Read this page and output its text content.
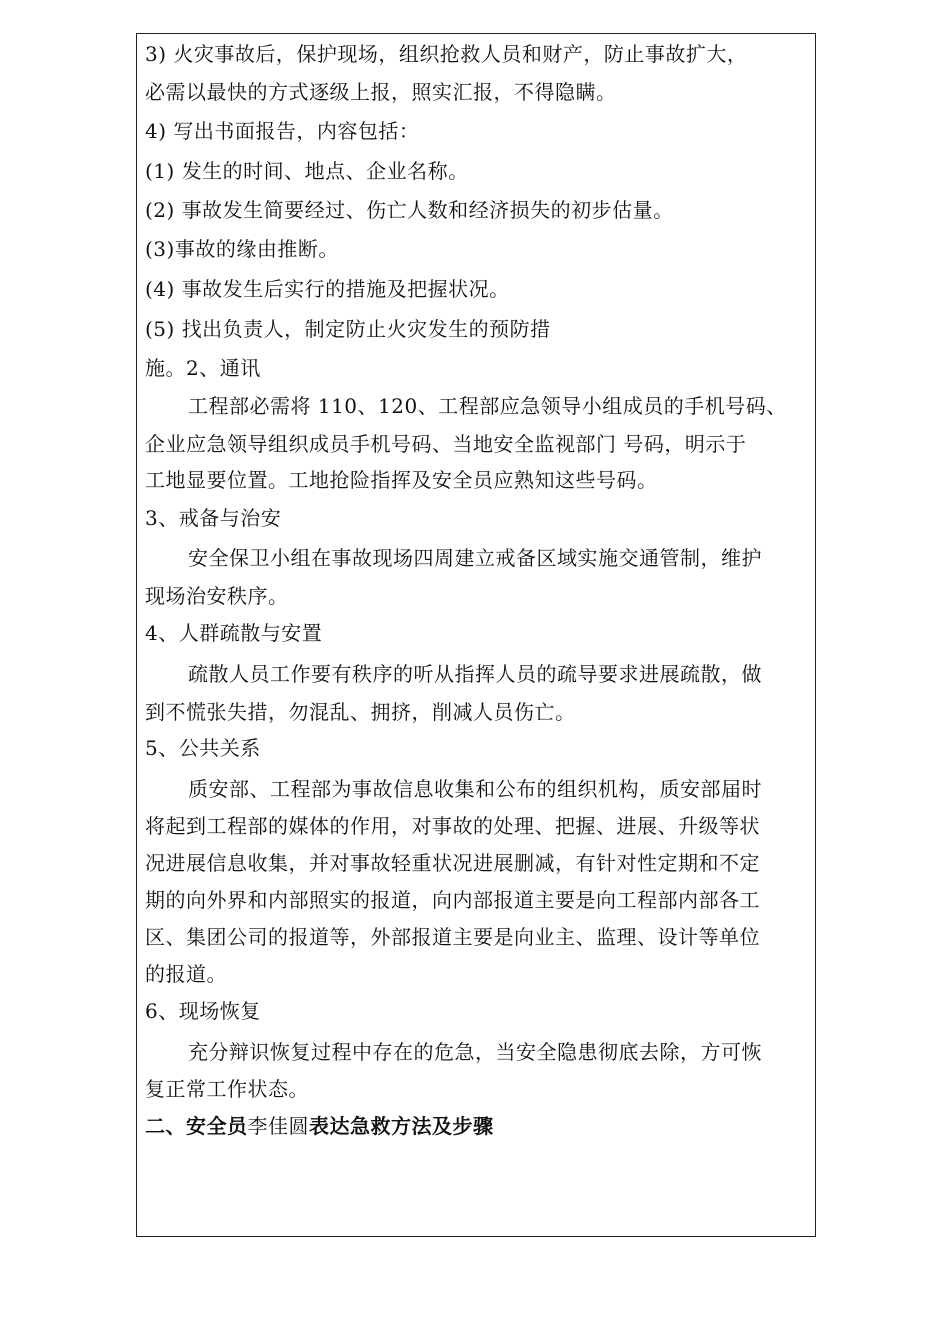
3) 火灾事故后，保护现场，组织抢救人员和财产，防止事故扩大，
必需以最快的方式逐级上报，照实汇报，不得隐瞒。
4) 写出书面报告，内容包括：
(1) 发生的时间、地点、企业名称。
(2) 事故发生简要经过、伤亡人数和经济损失的初步估量。
(3)事故的缘由推断。
(4) 事故发生后实行的措施及把握状况。
(5) 找出负责人，制定防止火灾发生的预防措
施。2、通讯
工程部必需将 110、120、工程部应急领导小组成员的手机号码、
企业应急领导组织成员手机号码、当地安全监视部门 号码，明示于
工地显要位置。工地抢险指挥及安全员应熟知这些号码。
3、戒备与治安
安全保卫小组在事故现场四周建立戒备区域实施交通管制，维护
现场治安秩序。
4、人群疏散与安置
疏散人员工作要有秩序的听从指挥人员的疏导要求进展疏散，做
到不慌张失措，勿混乱、拥挤，削减人员伤亡。
5、公共关系
质安部、工程部为事故信息收集和公布的组织机构，质安部届时
将起到工程部的媒体的作用，对事故的处理、把握、进展、升级等状
况进展信息收集，并对事故轻重状况进展删减，有针对性定期和不定
期的向外界和内部照实的报道，向内部报道主要是向工程部内部各工
区、集团公司的报道等，外部报道主要是向业主、监理、设计等单位
的报道。
6、现场恢复
充分辩识恢复过程中存在的危急，当安全隐患彻底去除，方可恢
复正常工作状态。
二、安全员李佳圆表达急救方法及步骤
